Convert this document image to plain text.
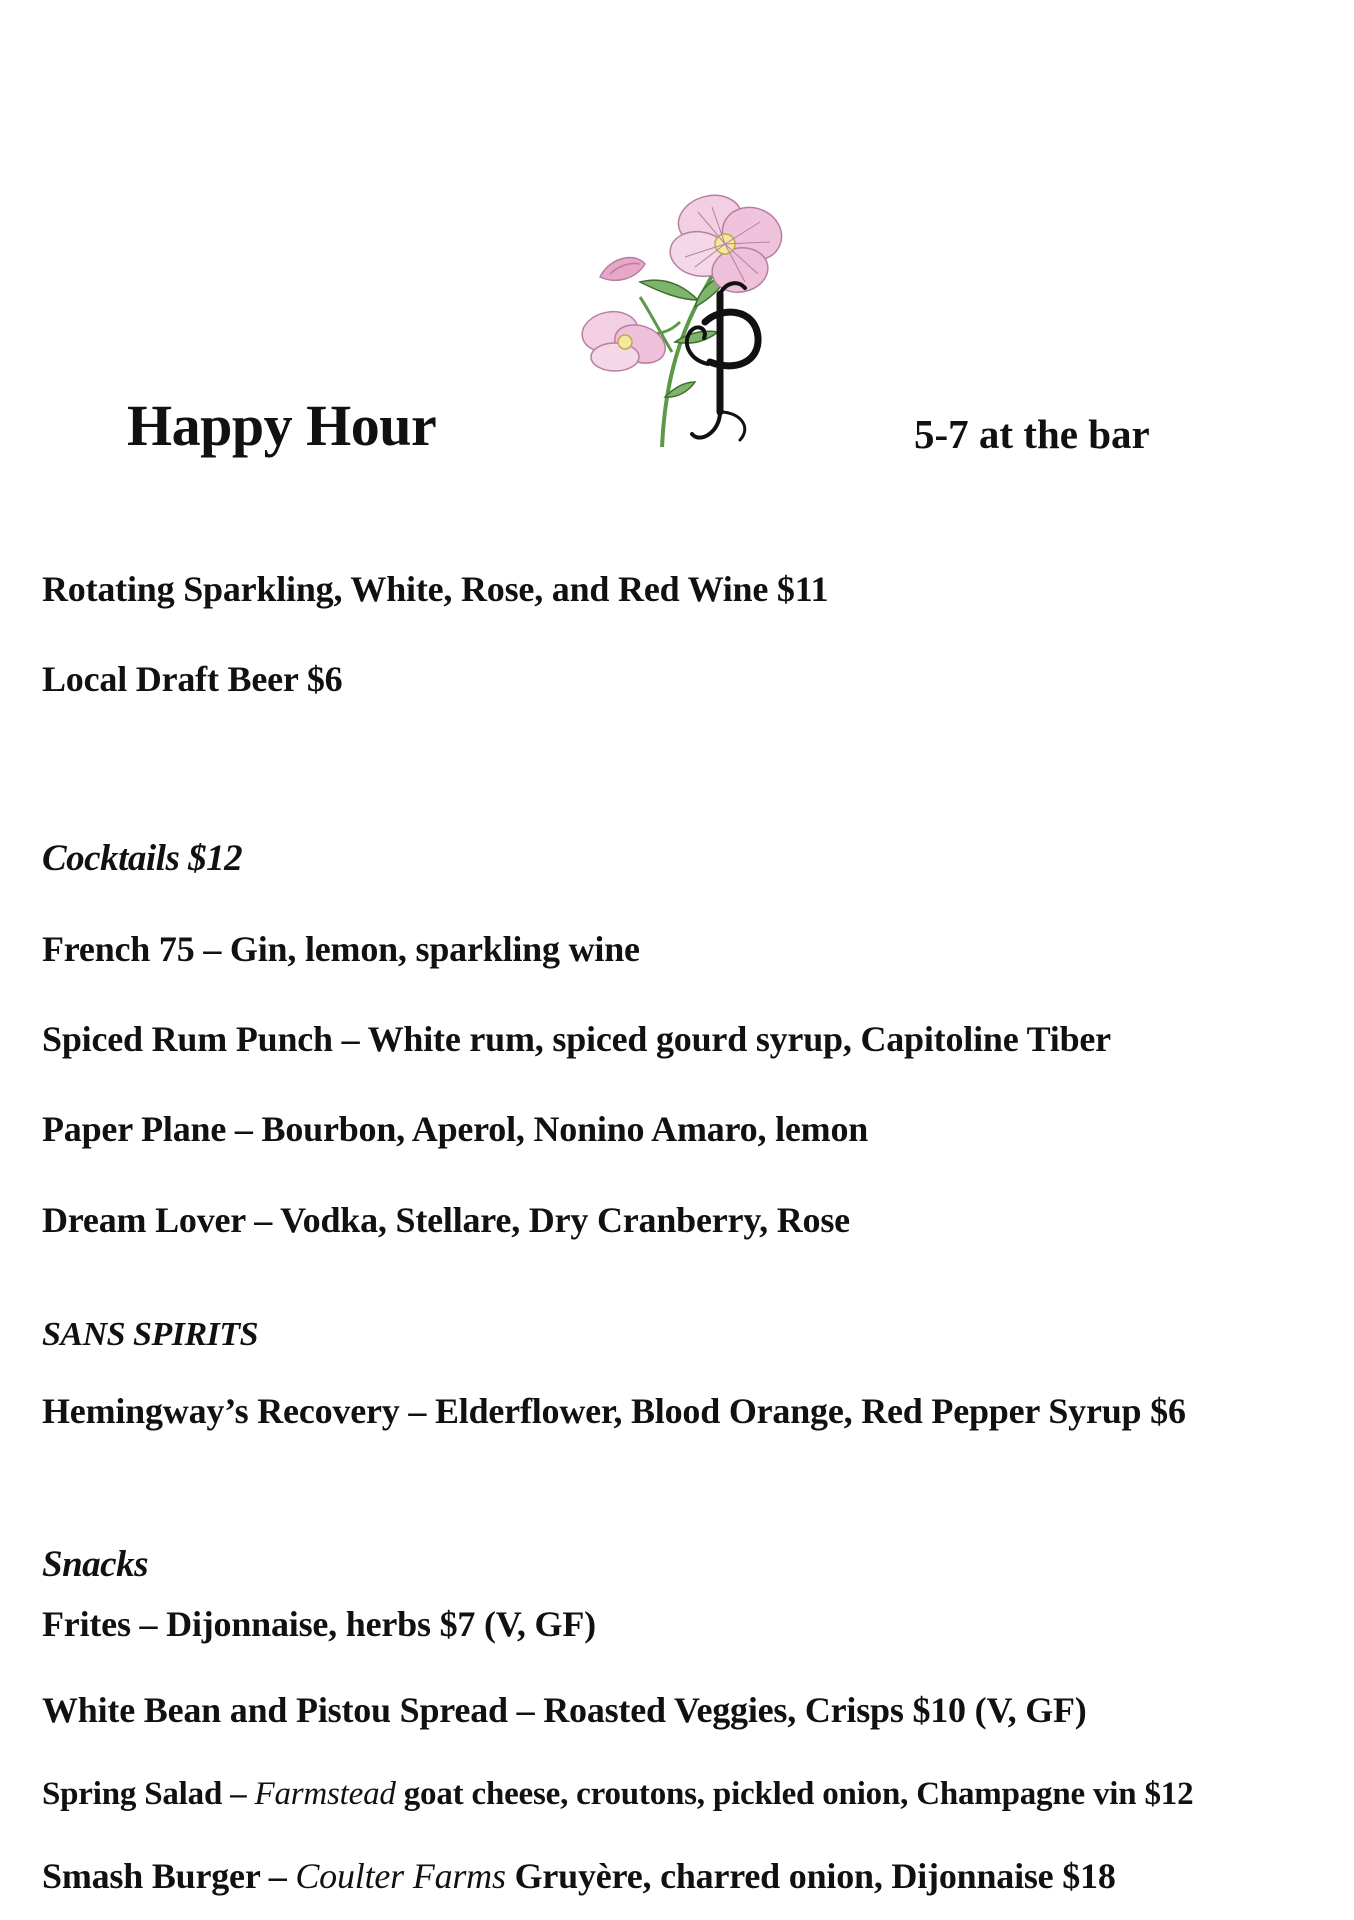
Happy Hour	5-7 at the bar
Rotating Sparkling, White, Rose, and Red Wine $11
Local Draft Beer $6
Cocktails $12
French 75 – Gin, lemon, sparkling wine
Spiced Rum Punch – White rum, spiced gourd syrup, Capitoline Tiber
Paper Plane – Bourbon, Aperol, Nonino Amaro, lemon
Dream Lover – Vodka, Stellare, Dry Cranberry, Rose
SANS SPIRITS
Hemingway’s Recovery – Elderflower, Blood Orange, Red Pepper Syrup $6
Snacks
Frites – Dijonnaise, herbs $7 (V, GF)
White Bean and Pistou Spread – Roasted Veggies, Crisps $10 (V, GF)
Spring Salad – Farmstead goat cheese, croutons, pickled onion, Champagne vin $12
Smash Burger – Coulter Farms Gruyère, charred onion, Dijonnaise $18
